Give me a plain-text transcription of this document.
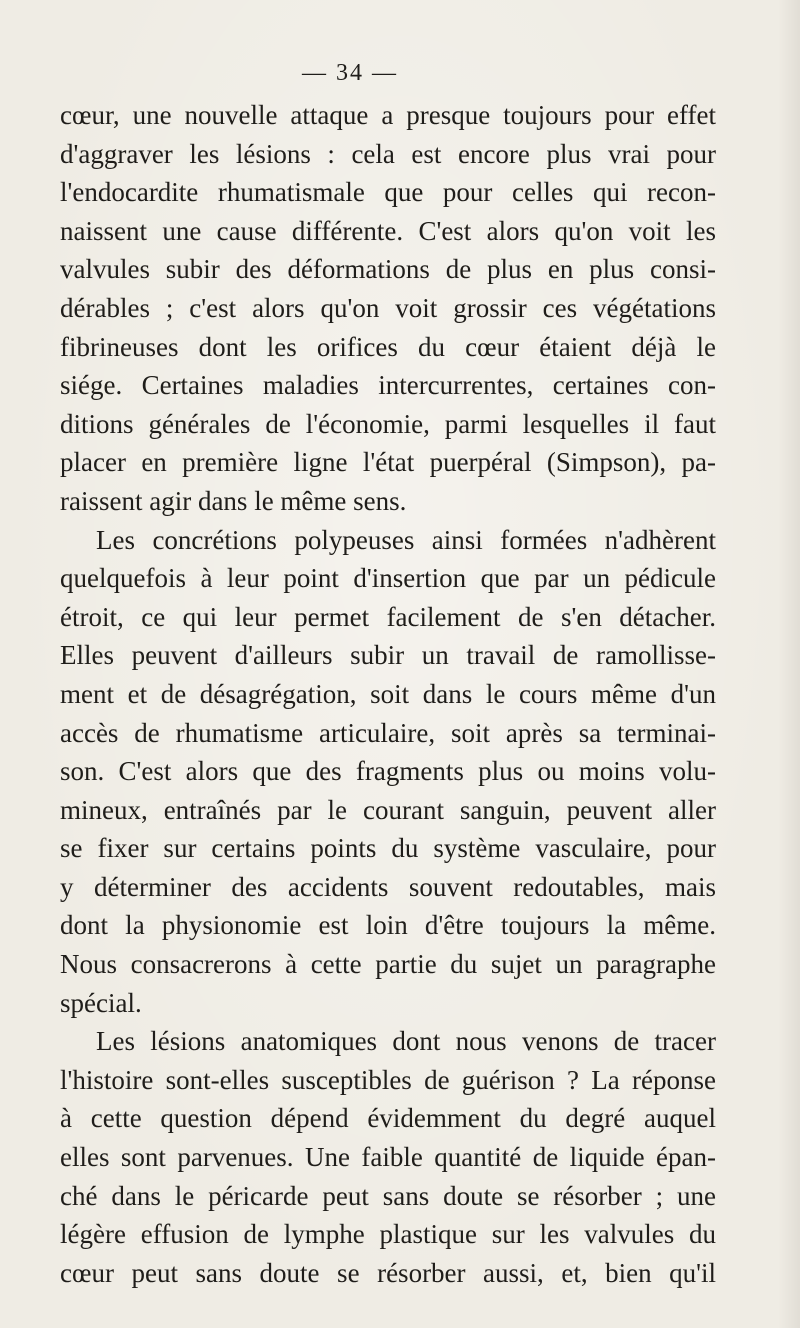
— 34 —
cœur, une nouvelle attaque a presque toujours pour effet
d'aggraver les lésions : cela est encore plus vrai pour
l'endocardite rhumatismale que pour celles qui recon-
naissent une cause différente. C'est alors qu'on voit les
valvules subir des déformations de plus en plus consi-
dérables ; c'est alors qu'on voit grossir ces végétations
fibrineuses dont les orifices du cœur étaient déjà le
siége. Certaines maladies intercurrentes, certaines con-
ditions générales de l'économie, parmi lesquelles il faut
placer en première ligne l'état puerpéral (Simpson), pa-
raissent agir dans le même sens.
Les concrétions polypeuses ainsi formées n'adhèrent
quelquefois à leur point d'insertion que par un pédicule
étroit, ce qui leur permet facilement de s'en détacher.
Elles peuvent d'ailleurs subir un travail de ramollisse-
ment et de désagrégation, soit dans le cours même d'un
accès de rhumatisme articulaire, soit après sa terminai-
son. C'est alors que des fragments plus ou moins volu-
mineux, entraînés par le courant sanguin, peuvent aller
se fixer sur certains points du système vasculaire, pour
y déterminer des accidents souvent redoutables, mais
dont la physionomie est loin d'être toujours la même.
Nous consacrerons à cette partie du sujet un paragraphe
spécial.
Les lésions anatomiques dont nous venons de tracer
l'histoire sont-elles susceptibles de guérison ? La réponse
à cette question dépend évidemment du degré auquel
elles sont parvenues. Une faible quantité de liquide épan-
ché dans le péricarde peut sans doute se résorber ; une
légère effusion de lymphe plastique sur les valvules du
cœur peut sans doute se résorber aussi, et, bien qu'il
